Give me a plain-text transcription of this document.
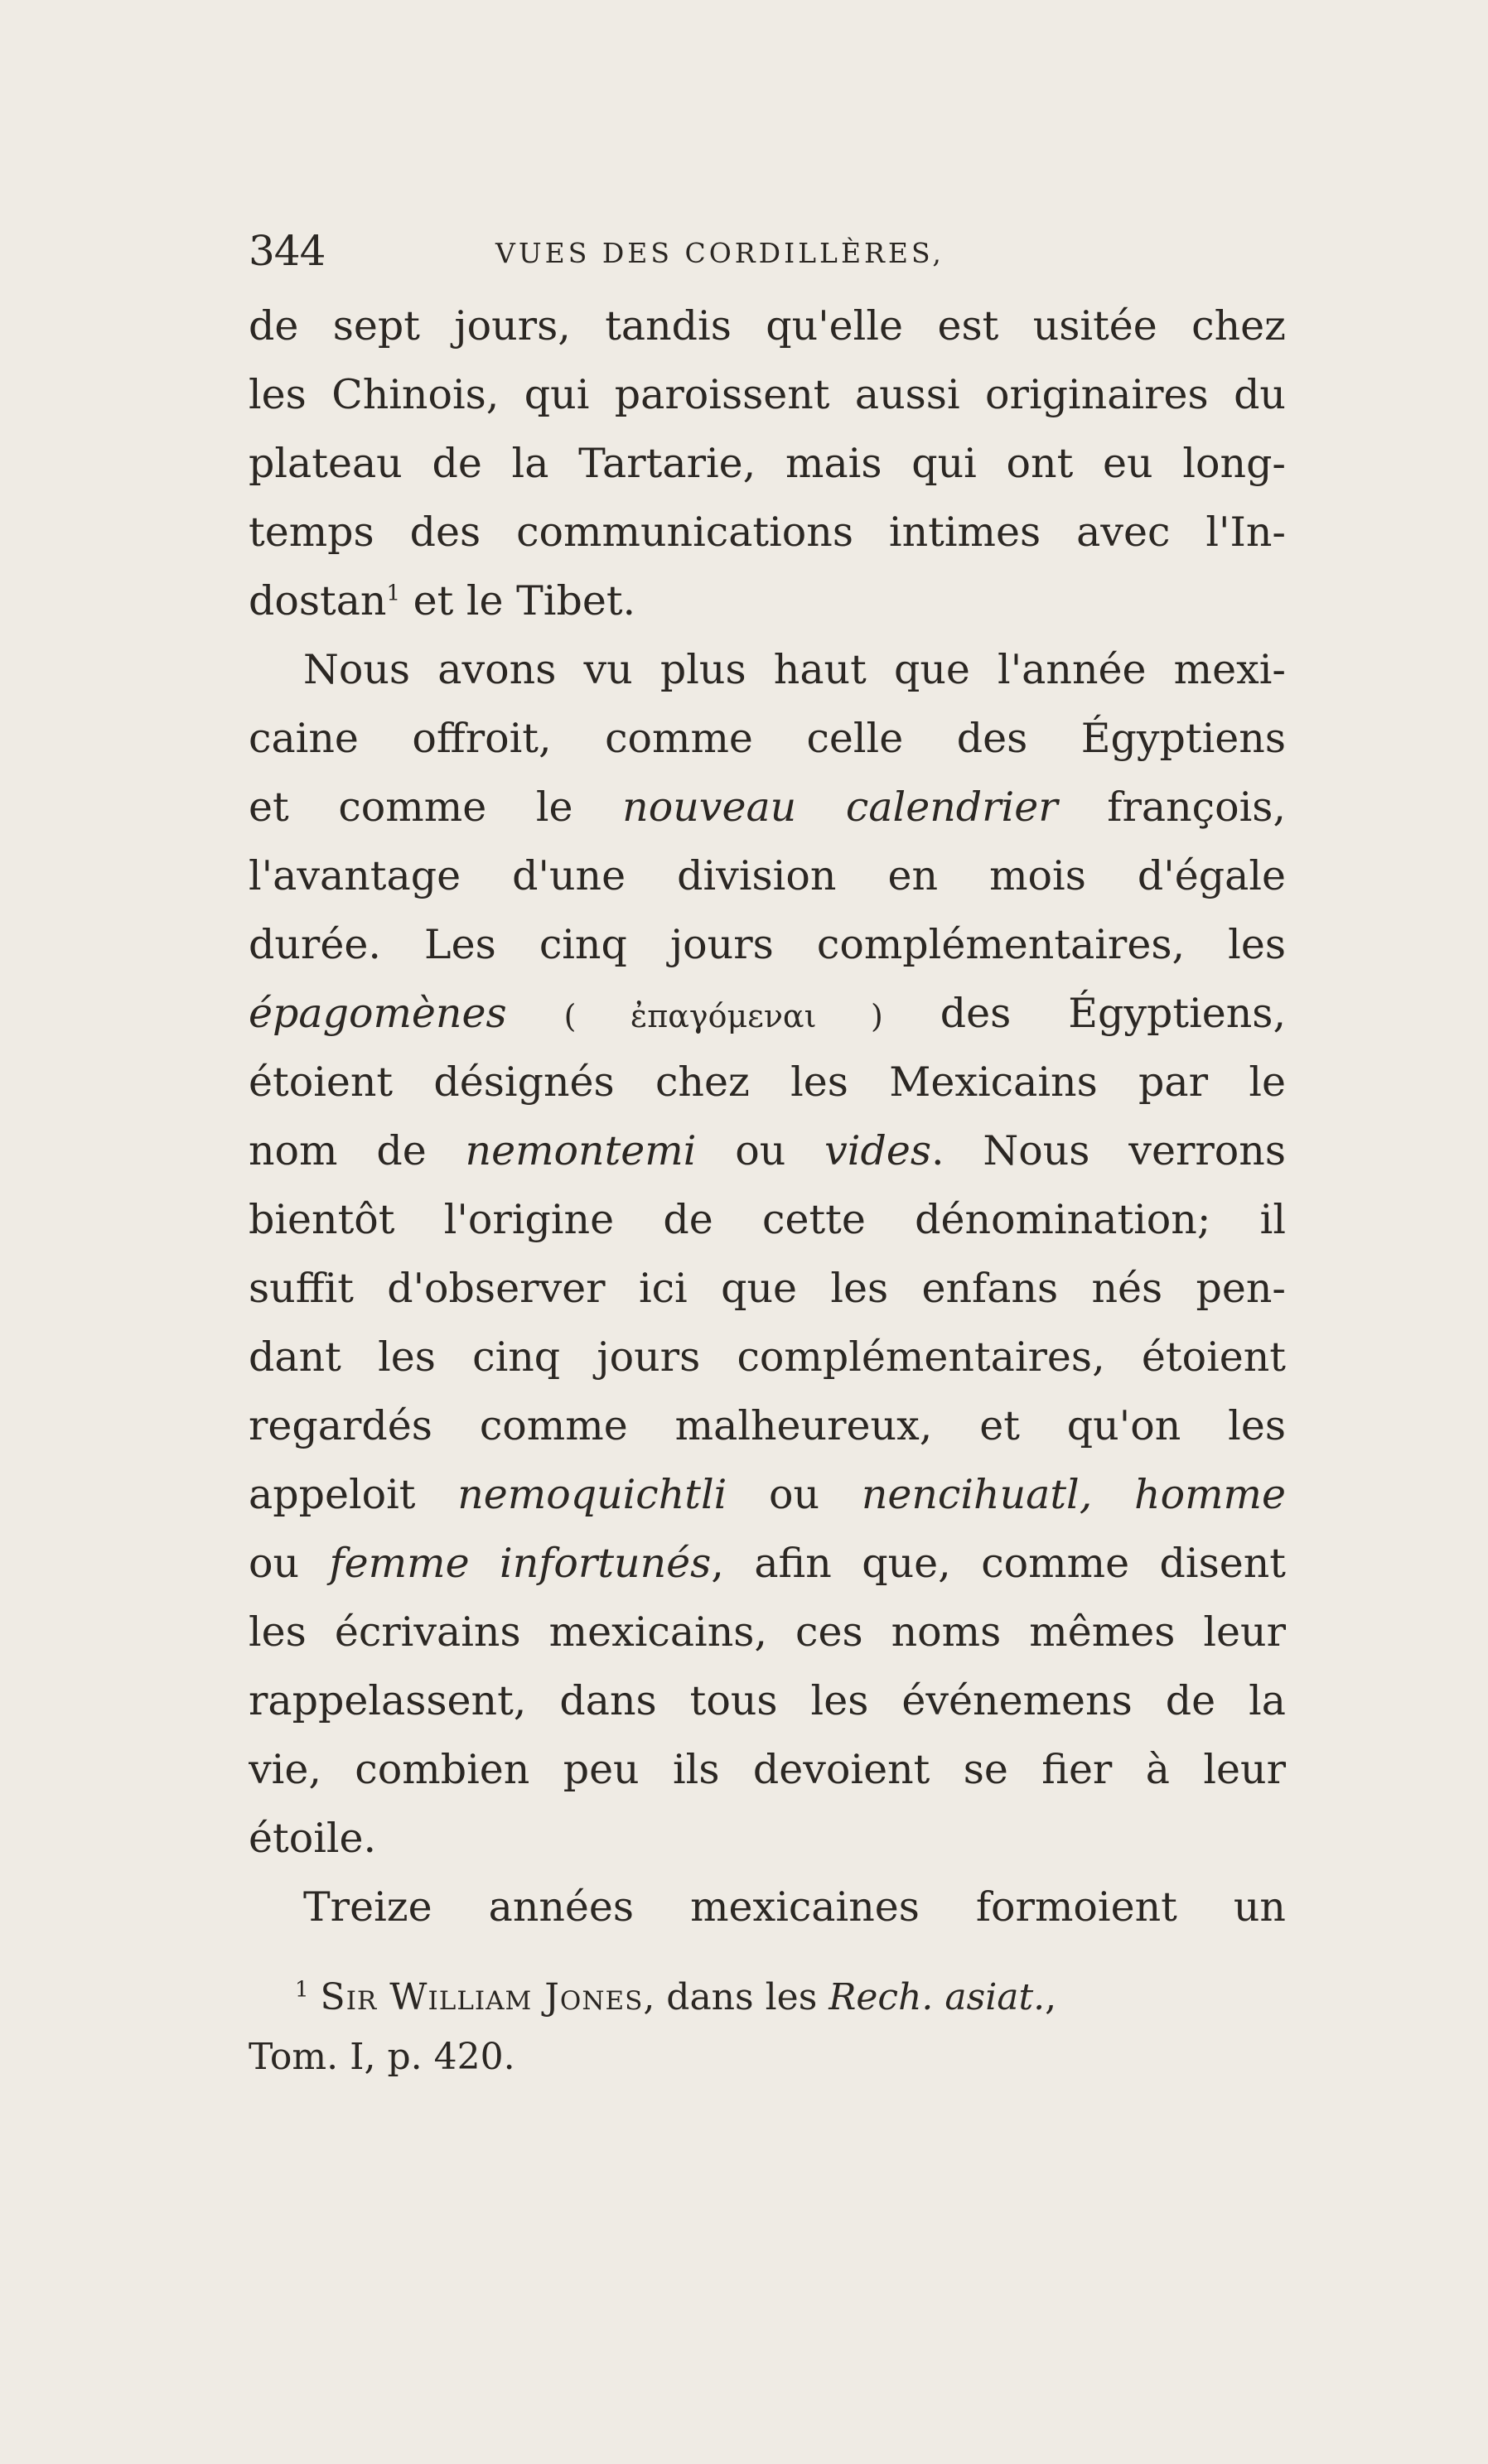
344	VUES DES CORDILLÈRES,
de sept jours, tandis qu'elle est usitée chez
les Chinois, qui paroissent aussi originaires du
plateau de la Tartarie, mais qui ont eu long-
temps des communications intimes avec l'In-
dostan$^1$ et le Tibet.
Nous avons vu plus haut que l'année mexi-
caine offroit, comme celle des Égyptiens
et comme le nouveau calendrier françois,
l'avantage d'une division en mois d'égale
durée. Les cinq jours complémentaires, les
épagomènes ( ἐπαγόμεναι ) des Égyptiens,
étoient désignés chez les Mexicains par le
nom de nemontemi ou vides. Nous verrons
bientôt l'origine de cette dénomination; il
suffit d'observer ici que les enfans nés pen-
dant les cinq jours complémentaires, étoient
regardés comme malheureux, et qu'on les
appeloit nemoquichtli ou nencihuatl, homme
ou femme infortunés, afin que, comme disent
les écrivains mexicains, ces noms mêmes leur
rappelassent, dans tous les événemens de la
vie, combien peu ils devoient se fier à leur
étoile.
Treize années mexicaines formoient un
$^1$ Sir William Jones, dans les Rech. asiat.,
Tom. I, p. 420.
